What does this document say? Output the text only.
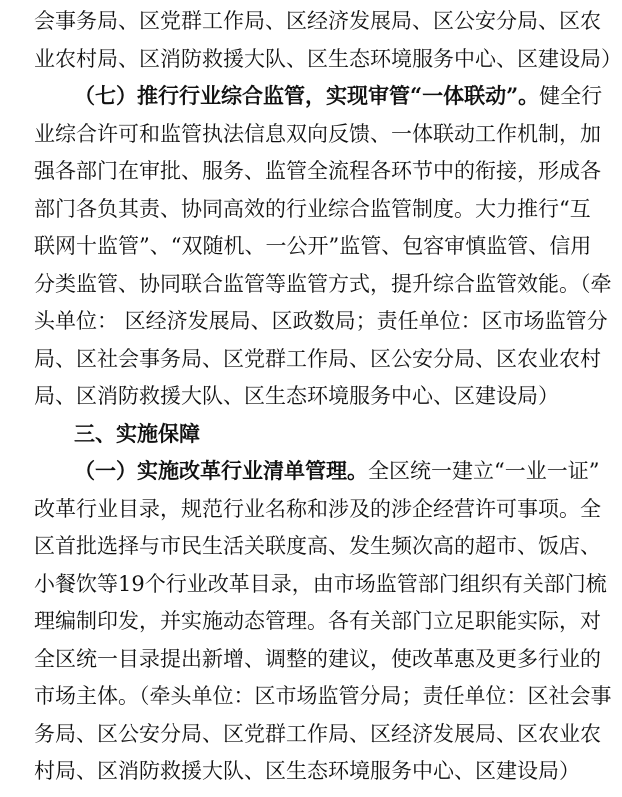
会事务局、区党群工作局、区经济发展局、区公安分局、区农
业农村局、区消防救援大队、区生态环境服务中心、区建设局）
（七）推行行业综合监管，实现审管“一体联动”。健全行
业综合许可和监管执法信息双向反馈、一体联动工作机制，加
强各部门在审批、服务、监管全流程各环节中的衔接，形成各
部门各负其责、协同高效的行业综合监管制度。大力推行“互
联网十监管”、“双随机、一公开”监管、包容审慎监管、信用
分类监管、协同联合监管等监管方式，提升综合监管效能。（牵
头单位： 区经济发展局、区政数局；责任单位：区市场监管分
局、区社会事务局、区党群工作局、区公安分局、区农业农村
局、区消防救援大队、区生态环境服务中心、区建设局）
三、实施保障
（一）实施改革行业清单管理。全区统一建立“一业一证”
改革行业目录，规范行业名称和涉及的涉企经营许可事项。全
区首批选择与市民生活关联度高、发生频次高的超市、饭店、
小餐饮等19个行业改革目录，由市场监管部门组织有关部门梳
理编制印发，并实施动态管理。各有关部门立足职能实际，对
全区统一目录提出新增、调整的建议，使改革惠及更多行业的
市场主体。（牵头单位：区市场监管分局；责任单位：区社会事
务局、区公安分局、区党群工作局、区经济发展局、区农业农
村局、区消防救援大队、区生态环境服务中心、区建设局）
